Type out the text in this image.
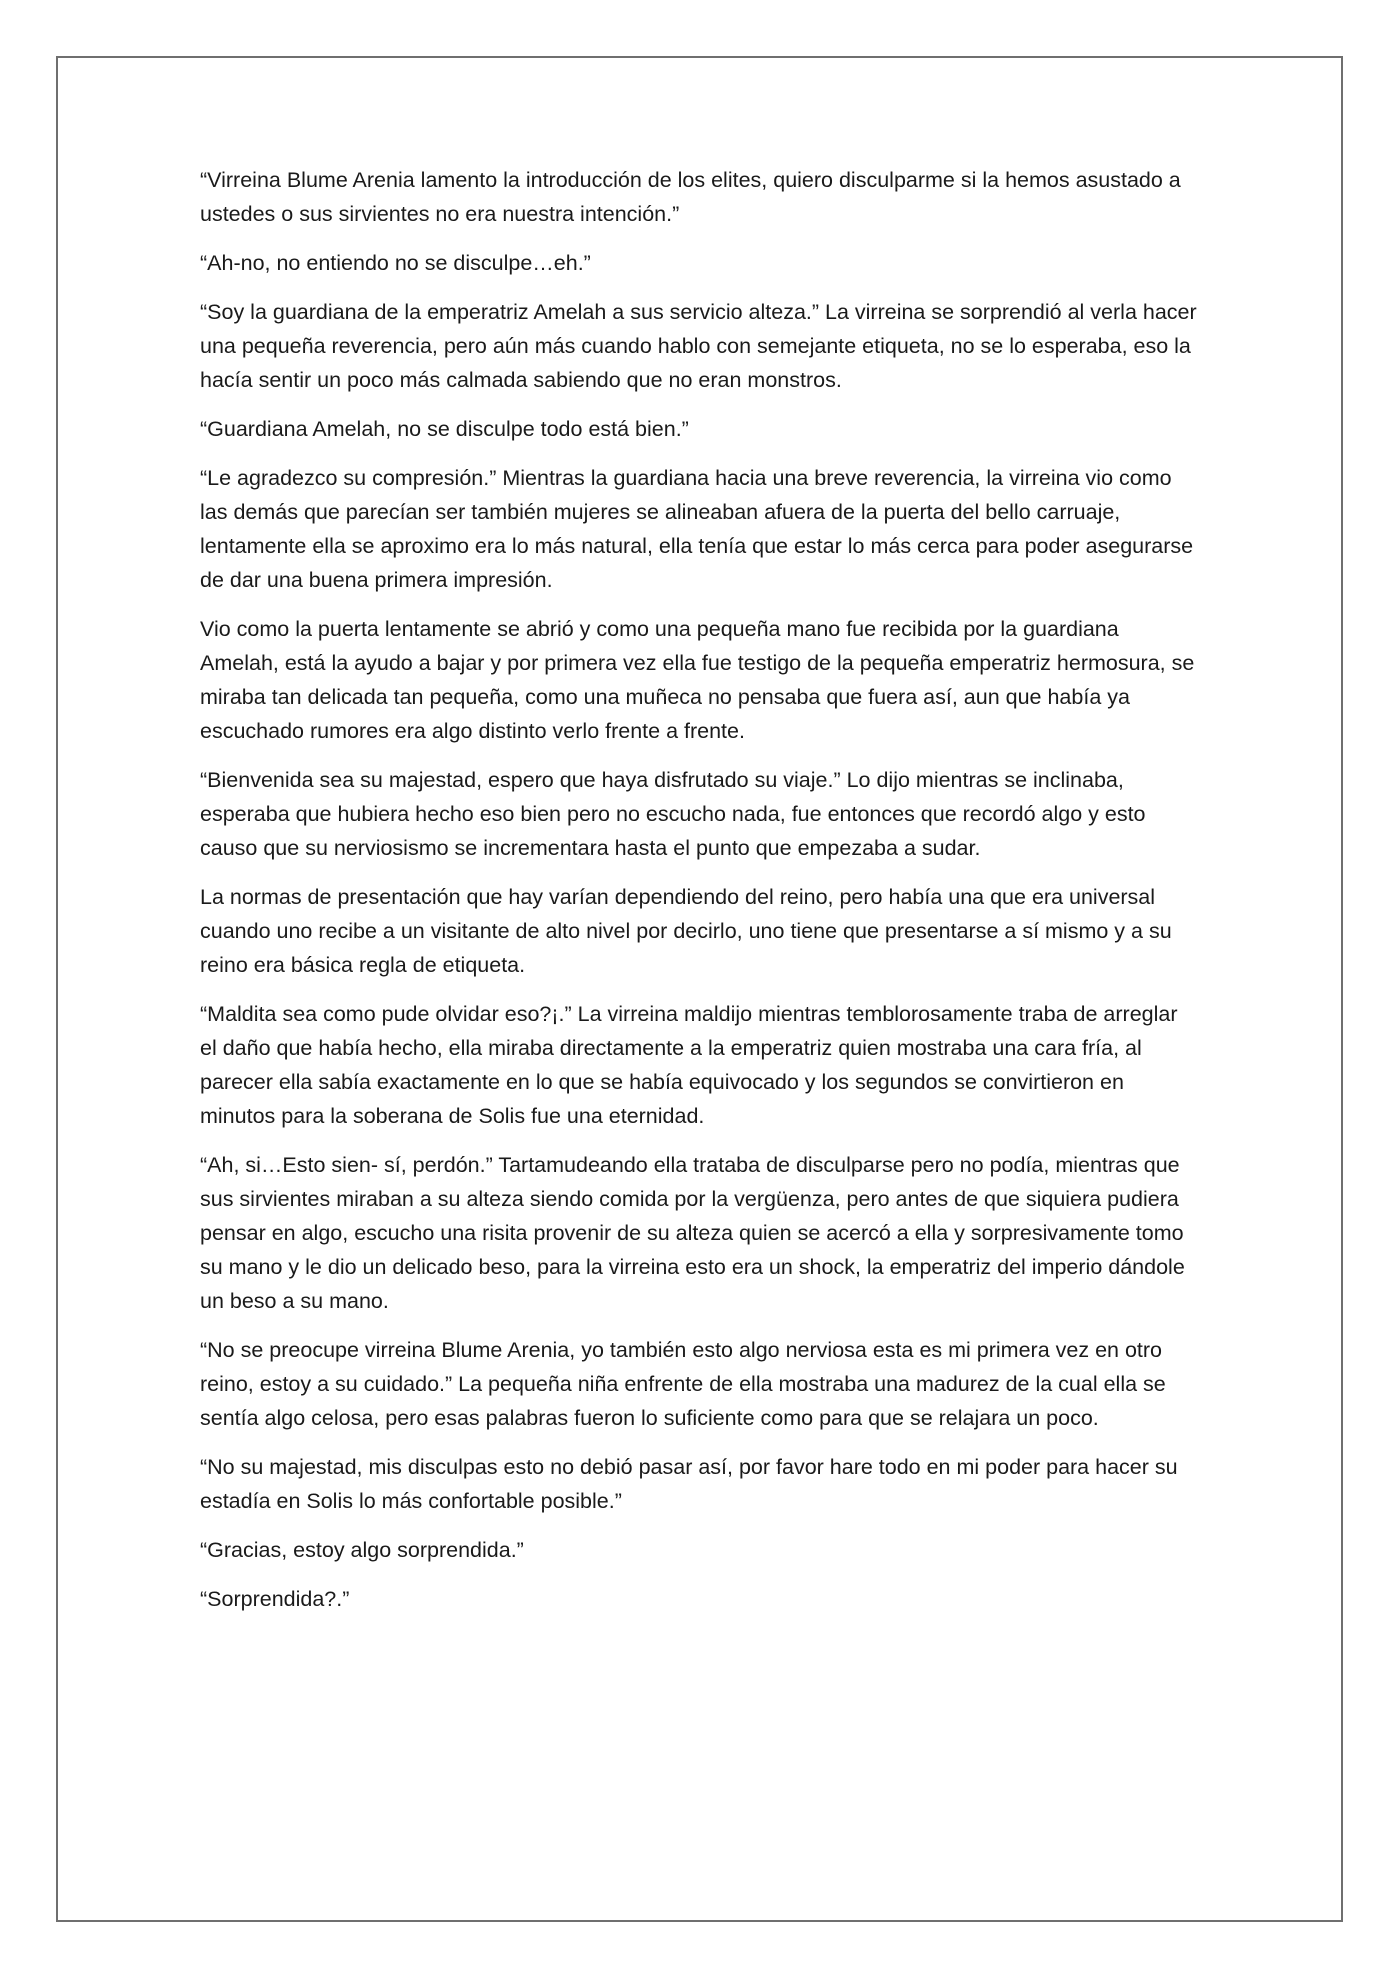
“Virreina Blume Arenia lamento la introducción de los elites, quiero disculparme si la hemos asustado a ustedes o sus sirvientes no era nuestra intención.”

“Ah-no, no entiendo no se disculpe…eh.”

“Soy la guardiana de la emperatriz Amelah a sus servicio alteza.” La virreina se sorprendió al verla hacer una pequeña reverencia, pero aún más cuando hablo con semejante etiqueta, no se lo esperaba, eso la hacía sentir un poco más calmada sabiendo que no eran monstros.

“Guardiana Amelah, no se disculpe todo está bien.”

“Le agradezco su compresión.” Mientras la guardiana hacia una breve reverencia, la virreina vio como las demás que parecían ser también mujeres se alineaban afuera de la puerta del bello carruaje, lentamente ella se aproximo era lo más natural, ella tenía que estar lo más cerca para poder asegurarse de dar una buena primera impresión.

Vio como la puerta lentamente se abrió y como una pequeña mano fue recibida por la guardiana Amelah, está la ayudo a bajar y por primera vez ella fue testigo de la pequeña emperatriz hermosura, se miraba tan delicada tan pequeña, como una muñeca no pensaba que fuera así, aun que había ya escuchado rumores era algo distinto verlo frente a frente.

“Bienvenida sea su majestad, espero que haya disfrutado su viaje.” Lo dijo mientras se inclinaba, esperaba que hubiera hecho eso bien pero no escucho nada, fue entonces que recordó algo y esto causo que su nerviosismo se incrementara hasta el punto que empezaba a sudar.

La normas de presentación que hay varían dependiendo del reino, pero había una que era universal cuando uno recibe a un visitante de alto nivel por decirlo, uno tiene que presentarse a sí mismo y a su reino era básica regla de etiqueta.

“Maldita sea como pude olvidar eso?¡.” La virreina maldijo mientras temblorosamente traba de arreglar el daño que había hecho, ella miraba directamente a la emperatriz quien mostraba una cara fría, al parecer ella sabía exactamente en lo que se había equivocado y los segundos se convirtieron en minutos para la soberana de Solis fue una eternidad.

“Ah, si…Esto sien- sí, perdón.” Tartamudeando ella trataba de disculparse pero no podía, mientras que sus sirvientes miraban a su alteza siendo comida por la vergüenza, pero antes de que siquiera pudiera pensar en algo, escucho una risita provenir de su alteza quien se acercó a ella y sorpresivamente tomo su mano y le dio un delicado beso, para la virreina esto era un shock, la emperatriz del imperio dándole un beso a su mano.

“No se preocupe virreina Blume Arenia, yo también esto algo nerviosa esta es mi primera vez en otro reino, estoy a su cuidado.” La pequeña niña enfrente de ella mostraba una madurez de la cual ella se sentía algo celosa, pero esas palabras fueron lo suficiente como para que se relajara un poco.

“No su majestad, mis disculpas esto no debió pasar así, por favor hare todo en mi poder para hacer su estadía en Solis lo más confortable posible.”

“Gracias, estoy algo sorprendida.”

“Sorprendida?.”
